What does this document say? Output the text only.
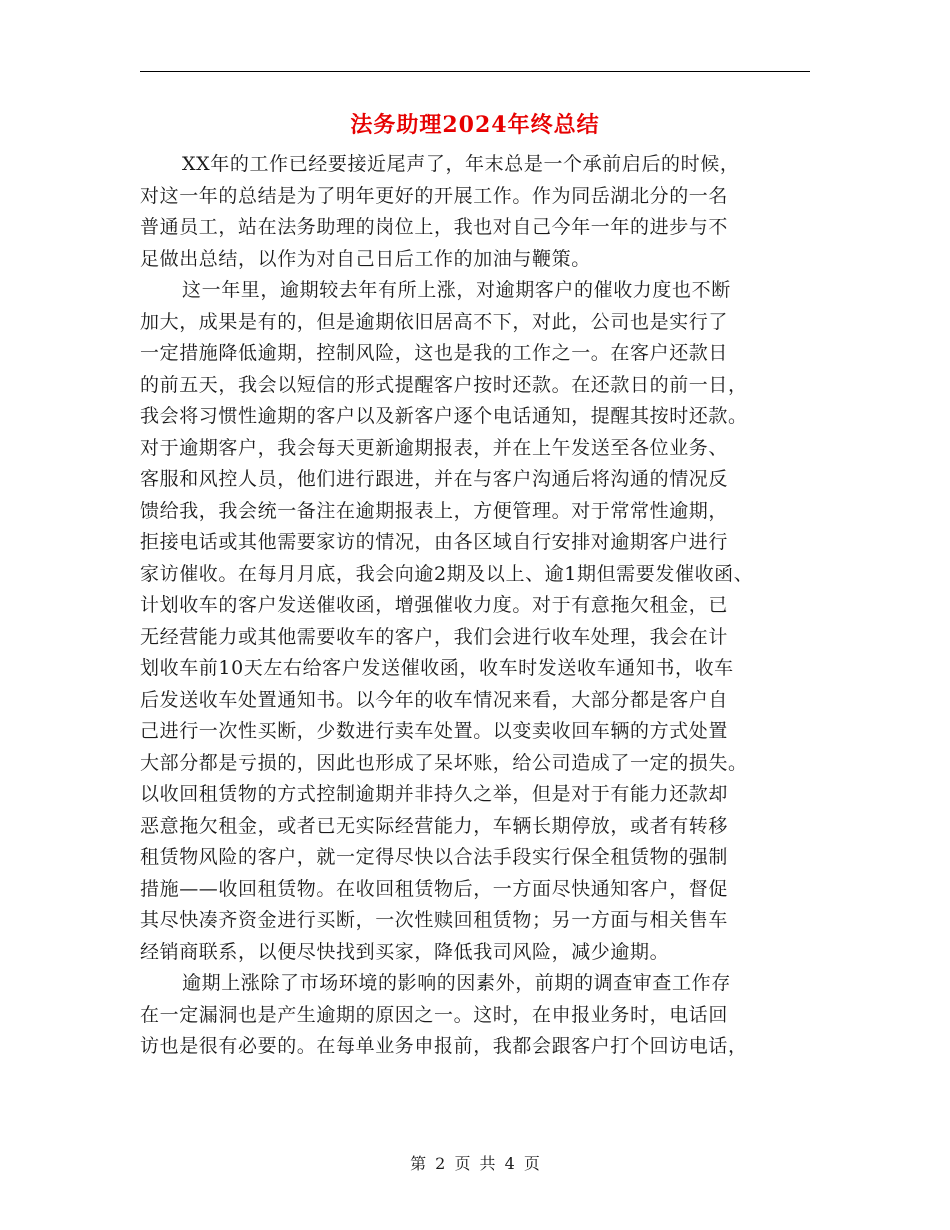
法务助理2024年终总结
XX年的工作已经要接近尾声了，年末总是一个承前启后的时候，
对这一年的总结是为了明年更好的开展工作。作为同岳湖北分的一名
普通员工，站在法务助理的岗位上，我也对自己今年一年的进步与不
足做出总结，以作为对自己日后工作的加油与鞭策。
这一年里，逾期较去年有所上涨，对逾期客户的催收力度也不断
加大，成果是有的，但是逾期依旧居高不下，对此，公司也是实行了
一定措施降低逾期，控制风险，这也是我的工作之一。在客户还款日
的前五天，我会以短信的形式提醒客户按时还款。在还款日的前一日，
我会将习惯性逾期的客户以及新客户逐个电话通知，提醒其按时还款。
对于逾期客户，我会每天更新逾期报表，并在上午发送至各位业务、
客服和风控人员，他们进行跟进，并在与客户沟通后将沟通的情况反
馈给我，我会统一备注在逾期报表上，方便管理。对于常常性逾期，
拒接电话或其他需要家访的情况，由各区域自行安排对逾期客户进行
家访催收。在每月月底，我会向逾2期及以上、逾1期但需要发催收函、
计划收车的客户发送催收函，增强催收力度。对于有意拖欠租金，已
无经营能力或其他需要收车的客户，我们会进行收车处理，我会在计
划收车前10天左右给客户发送催收函，收车时发送收车通知书，收车
后发送收车处置通知书。以今年的收车情况来看，大部分都是客户自
己进行一次性买断，少数进行卖车处置。以变卖收回车辆的方式处置
大部分都是亏损的，因此也形成了呆坏账，给公司造成了一定的损失。
以收回租赁物的方式控制逾期并非持久之举，但是对于有能力还款却
恶意拖欠租金，或者已无实际经营能力，车辆长期停放，或者有转移
租赁物风险的客户，就一定得尽快以合法手段实行保全租赁物的强制
措施——收回租赁物。在收回租赁物后，一方面尽快通知客户，督促
其尽快凑齐资金进行买断，一次性赎回租赁物；另一方面与相关售车
经销商联系，以便尽快找到买家，降低我司风险，减少逾期。
逾期上涨除了市场环境的影响的因素外，前期的调查审查工作存
在一定漏洞也是产生逾期的原因之一。这时，在申报业务时，电话回
访也是很有必要的。在每单业务申报前，我都会跟客户打个回访电话，
第 2 页 共 4 页
